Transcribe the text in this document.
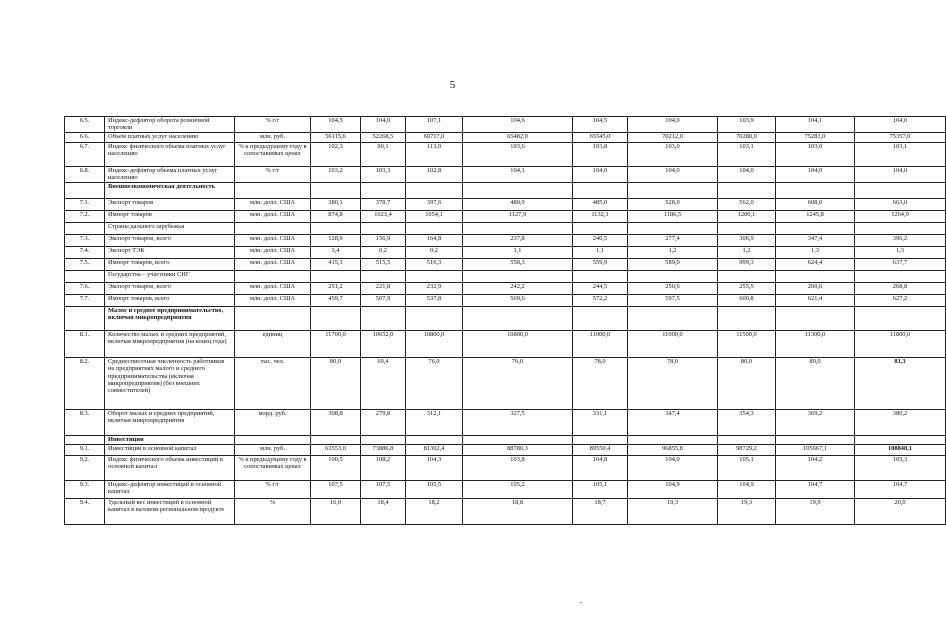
5
6.5.	Индекс-дефлятор оборота розничной торговли	% г/г	104,5	104,0	107,1	104,6	104,5	104,0	103,9	104,1	104,0
6.6.	Объем платных услуг населению	млн. руб.	56115,6	52268,5	60717,0	65482,0	65545,0	70212,0	70280,0	75283,0	75357,0
6.7.	Индекс физического объема платных услуг населению	% к предыдущему году в сопоставимых ценах	102,3	90,1	113,0	103,6	103,8	103,0	103,1	103,0	103,1
6.8.	Индекс-дефлятор объема платных услуг населению	% г/г	103,2	103,3	102,8	104,1	104,0	104,0	104,0	104,0	104,0
	Внешнеэкономическая деятельность										
7.1.	Экспорт товаров	млн. долл. США	380,1	378,7	397,6	480,0	485,0	528,0	562,0	608,0	663,0
7.2.	Импорт товаров	млн. долл. США	874,8	1023,4	1054,1	1127,9	1132,1	1186,5	1200,1	1245,8	1264,9
	Страны дальнего зарубежья										
7.3.	Экспорт товаров, всего	млн. долл. США	128,9	156,9	164,8	237,8	240,5	277,4	306,9	347,4	396,2
7.4.	Экспорт ТЭК	млн. долл. США	3,4	0,2	0,2	1,1	1,1	1,2	1,2	1,3	1,3
7.5.	Импорт товаров, всего	млн. долл. США	415,1	515,5	516,3	558,3	559,9	589,0	999,3	624,4	637,7
	Государства – участники СНГ										
7.6.	Экспорт товаров, всего	млн. долл. США	251,2	221,8	232,9	242,2	244,5	250,6	255,5	260,6	268,8
7.7.	Импорт товаров, всего	млн. долл. США	459,7	507,9	537,8	569,6	572,2	597,5	600,8	621,4	627,2
	Малое и среднее предпринимательство, включая микропредприятия										
8.1.	Количество малых и средних предприятий, включая микропредприятия (на конец года)	единиц	11700,0	10652,0	10800,0	10800,0	11000,0	11000,0	11500,0	11300,0	11800,0
8.2.	Среднесписочная численность работников на предприятиях малого и среднего предпринимательства (включая микропредприятия) (без внешних совместителей)	тыс. чел.	80,0	69,4	76,0	76,0	78,0	78,0	80,0	80,0	81,3
8.3.	Оборот малых и средних предприятий, включая микропредприятия	млрд. руб.	308,8	279,8	312,1	327,5	331,1	347,4	354,3	369,2	380,2
	Инвестиции										
9.1.	Инвестиции в основной капитал	млн. руб.	63553,0	73886,8	81302,4	88780,3	89550,4	96855,8	98729,2	105667,1	108848,1
9.2.	Индекс физического объема инвестиций в основной капитал	% к предыдущему году в сопоставимых ценах	100,5	108,2	104,3	103,8	104,8	104,0	105,1	104,2	105,3
9.3.	Индекс-дефлятор инвестиций в основной капитал	% г/г	107,5	107,5	105,5	105,2	105,1	104,9	104,9	104,7	104,7
9.4.	Удельный вес инвестиций в основной капитал в валовом региональном продукте	%	16,0	18,4	18,2	18,8	18,7	19,3	19,3	19,9	20,0
